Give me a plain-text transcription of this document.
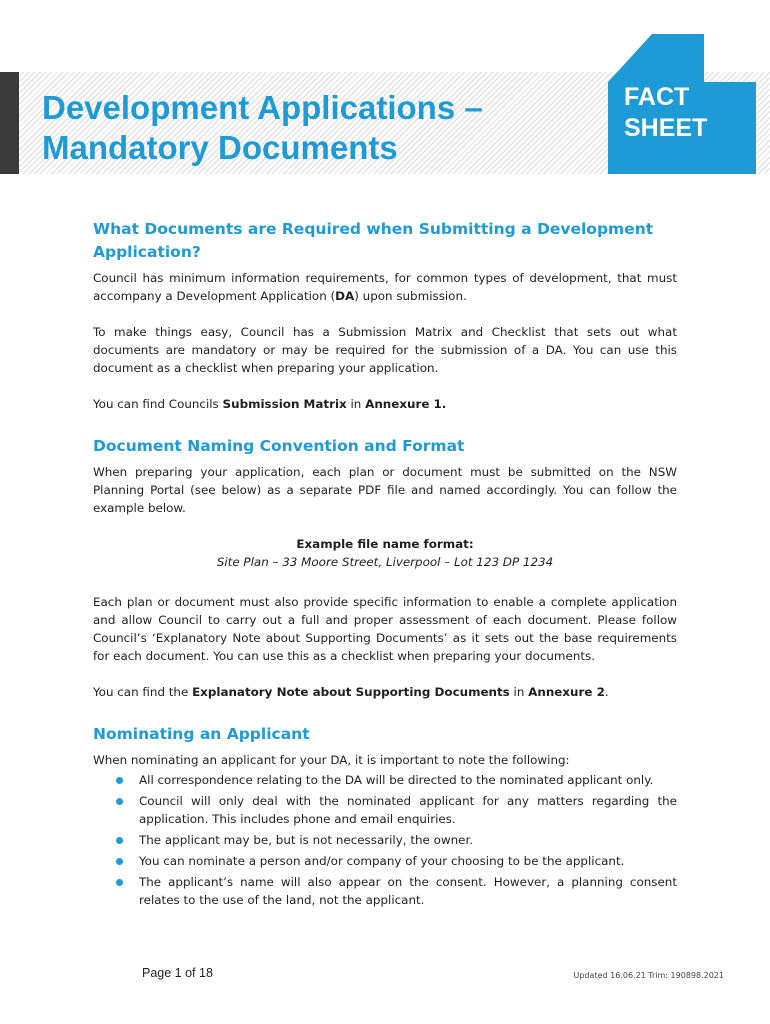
Development Applications –
Mandatory Documents
FACT
SHEET
What Documents are Required when Submitting a Development Application?

Council has minimum information requirements, for common types of development, that must accompany a Development Application (DA) upon submission.

To make things easy, Council has a Submission Matrix and Checklist that sets out what documents are mandatory or may be required for the submission of a DA. You can use this document as a checklist when preparing your application.

You can find Councils Submission Matrix in Annexure 1.

Document Naming Convention and Format

When preparing your application, each plan or document must be submitted on the NSW Planning Portal (see below) as a separate PDF file and named accordingly. You can follow the example below.

Example file name format:

Site Plan – 33 Moore Street, Liverpool – Lot 123 DP 1234

Each plan or document must also provide specific information to enable a complete application and allow Council to carry out a full and proper assessment of each document. Please follow Council’s ‘Explanatory Note about Supporting Documents’ as it sets out the base requirements for each document. You can use this as a checklist when preparing your documents.

You can find the Explanatory Note about Supporting Documents in Annexure 2.

Nominating an Applicant

When nominating an applicant for your DA, it is important to note the following:

All correspondence relating to the DA will be directed to the nominated applicant only.
Council will only deal with the nominated applicant for any matters regarding the application. This includes phone and email enquiries.
The applicant may be, but is not necessarily, the owner.
You can nominate a person and/or company of your choosing to be the applicant.
The applicant’s name will also appear on the consent. However, a planning consent relates to the use of the land, not the applicant.
Page 1 of 18	Updated 16.06.21 Trim: 190898.2021
